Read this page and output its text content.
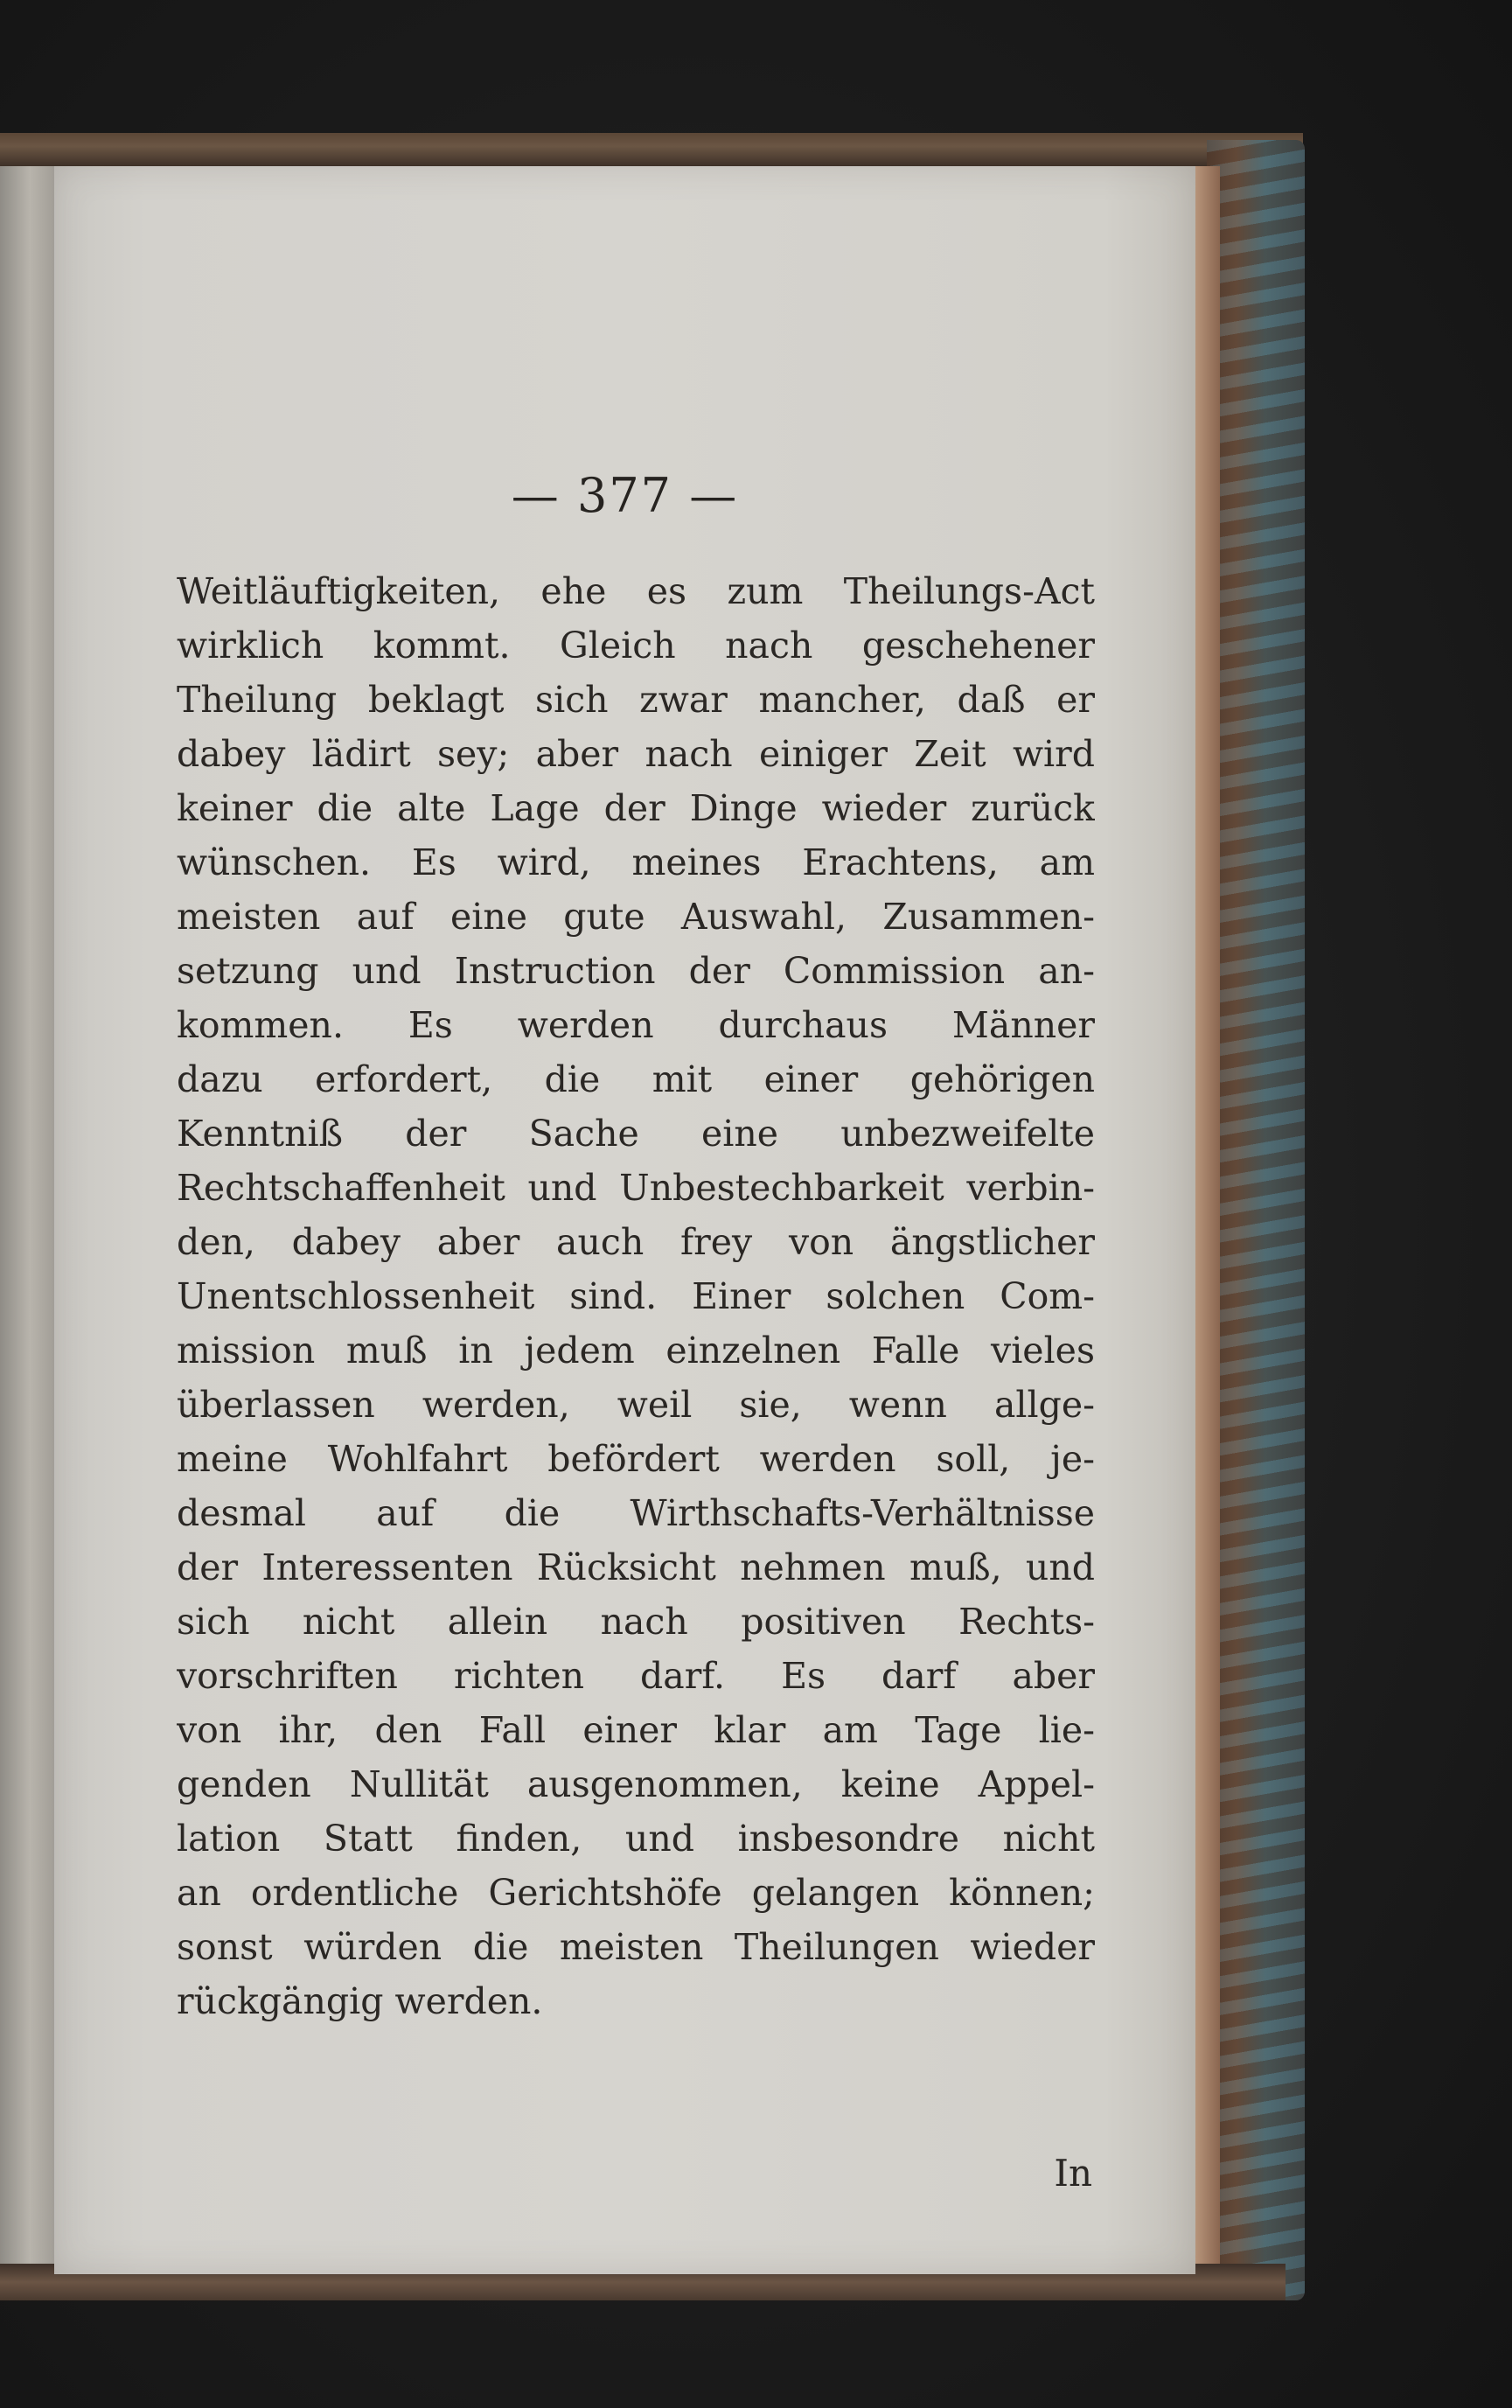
— 377 —
Weitläuftigkeiten, ehe es zum Theilungs-Act
wirklich kommt. Gleich nach geschehener
Theilung beklagt sich zwar mancher, daß er
dabey lädirt sey; aber nach einiger Zeit wird
keiner die alte Lage der Dinge wieder zurück
wünschen. Es wird, meines Erachtens, am
meisten auf eine gute Auswahl, Zusammen-
setzung und Instruction der Commission an-
kommen. Es werden durchaus Männer
dazu erfordert, die mit einer gehörigen
Kenntniß der Sache eine unbezweifelte
Rechtschaffenheit und Unbestechbarkeit verbin-
den, dabey aber auch frey von ängstlicher
Unentschlossenheit sind. Einer solchen Com-
mission muß in jedem einzelnen Falle vieles
überlassen werden, weil sie, wenn allge-
meine Wohlfahrt befördert werden soll, je-
desmal auf die Wirthschafts-Verhältnisse
der Interessenten Rücksicht nehmen muß, und
sich nicht allein nach positiven Rechts-
vorschriften richten darf. Es darf aber
von ihr, den Fall einer klar am Tage lie-
genden Nullität ausgenommen, keine Appel-
lation Statt finden, und insbesondre nicht
an ordentliche Gerichtshöfe gelangen können;
sonst würden die meisten Theilungen wieder
rückgängig werden.
In
